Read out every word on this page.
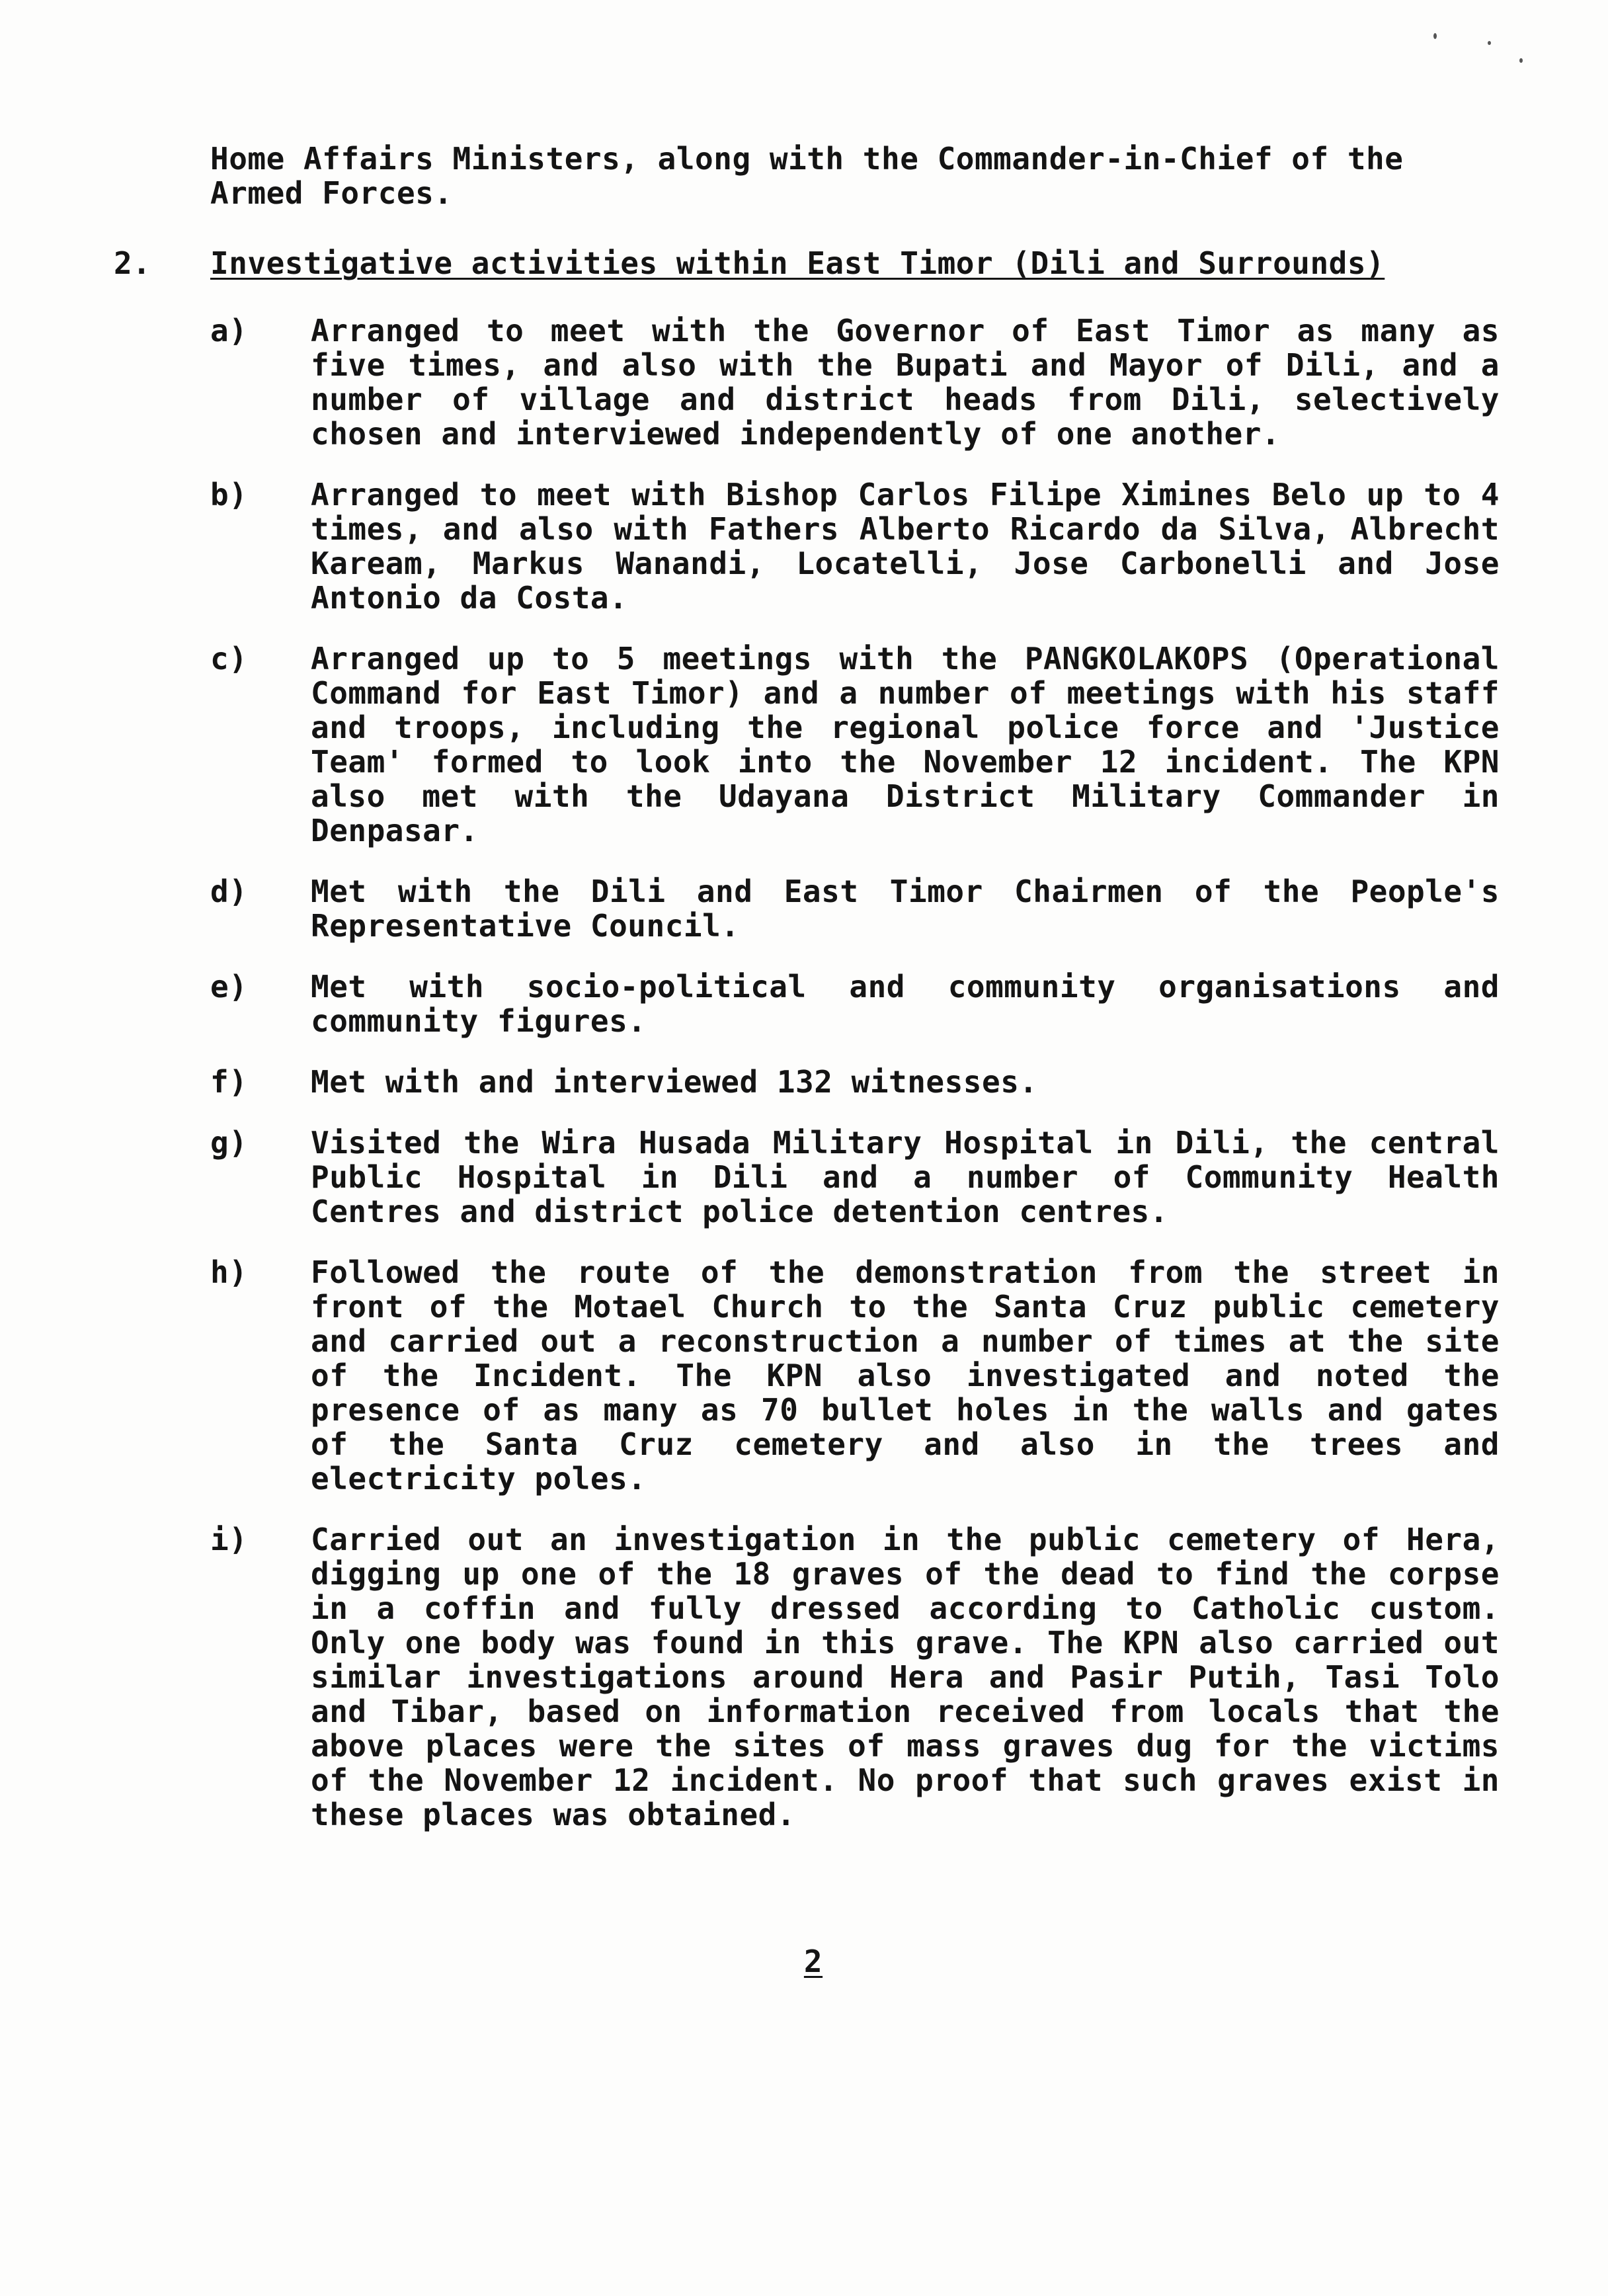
Home Affairs Ministers, along with the Commander-in-Chief of the Armed Forces.

2. Investigative activities within East Timor (Dili and Surrounds)

a)	Arranged to meet with the Governor of East Timor as many as five times, and also with the Bupati and Mayor of Dili, and a number of village and district heads from Dili, selectively chosen and interviewed independently of one another.
b)	Arranged to meet with Bishop Carlos Filipe Ximines Belo up to 4 times, and also with Fathers Alberto Ricardo da Silva, Albrecht Kaream, Markus Wanandi, Locatelli, Jose Carbonelli and Jose Antonio da Costa.
c)	Arranged up to 5 meetings with the PANGKOLAKOPS (Operational Command for East Timor) and a number of meetings with his staff and troops, including the regional police force and 'Justice Team' formed to look into the November 12 incident. The KPN also met with the Udayana District Military Commander in Denpasar.
d)	Met with the Dili and East Timor Chairmen of the People's Representative Council.
e)	Met with socio-political and community organisations and community figures.
f)	Met with and interviewed 132 witnesses.
g)	Visited the Wira Husada Military Hospital in Dili, the central Public Hospital in Dili and a number of Community Health Centres and district police detention centres.
h)	Followed the route of the demonstration from the street in front of the Motael Church to the Santa Cruz public cemetery and carried out a reconstruction a number of times at the site of the Incident. The KPN also investigated and noted the presence of as many as 70 bullet holes in the walls and gates of the Santa Cruz cemetery and also in the trees and electricity poles.
i)	Carried out an investigation in the public cemetery of Hera, digging up one of the 18 graves of the dead to find the corpse in a coffin and fully dressed according to Catholic custom. Only one body was found in this grave. The KPN also carried out similar investigations around Hera and Pasir Putih, Tasi Tolo and Tibar, based on information received from locals that the above places were the sites of mass graves dug for the victims of the November 12 incident. No proof that such graves exist in these places was obtained.
2
